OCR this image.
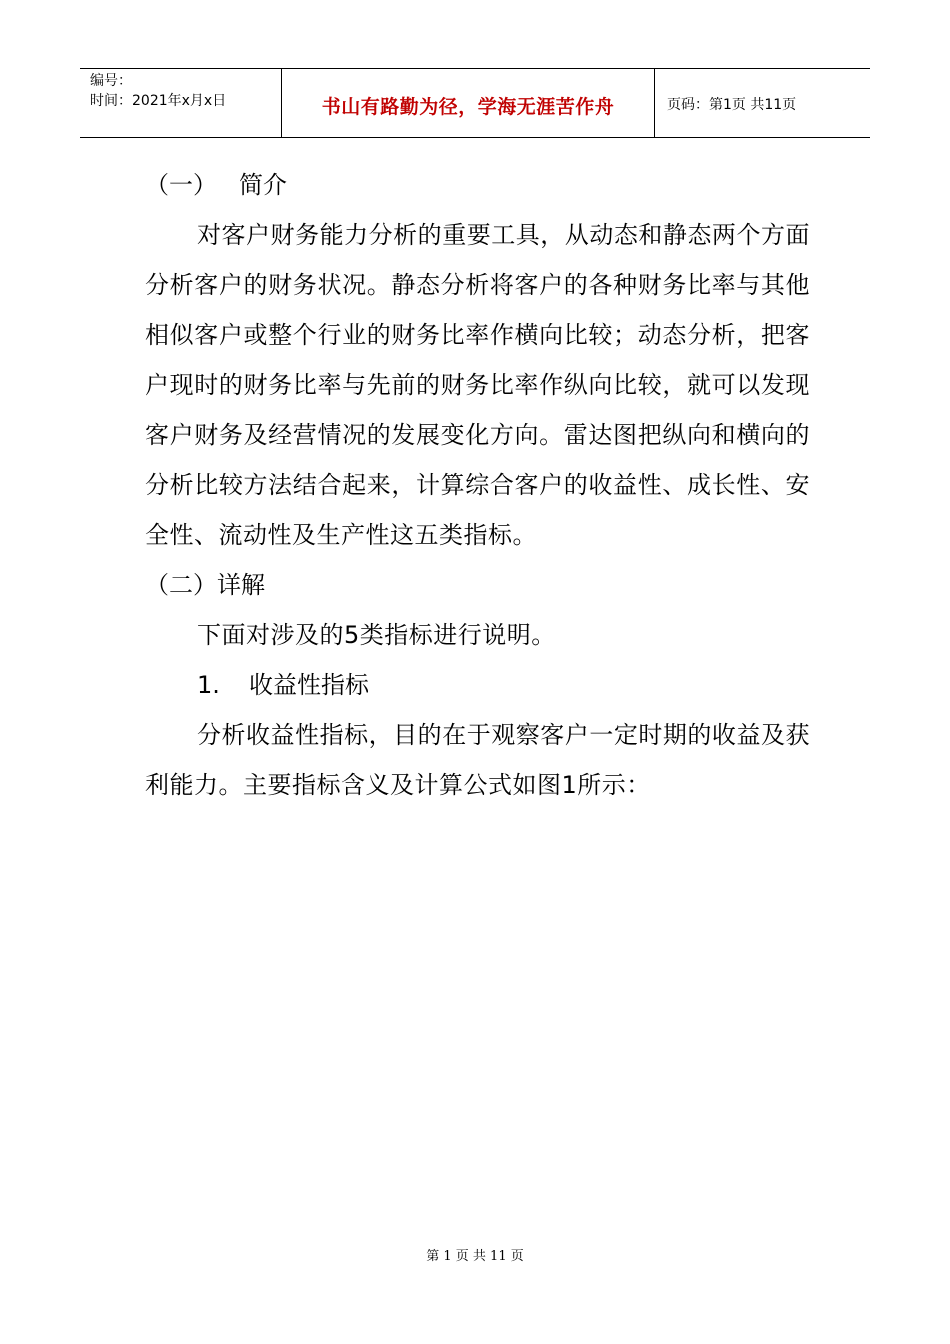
编号：
时间：2021年x月x日	书山有路勤为径，学海无涯苦作舟	页码：第1页 共11页
（一） 简介

对客户财务能力分析的重要工具，从动态和静态两个方面分析客户的财务状况。静态分析将客户的各种财务比率与其他相似客户或整个行业的财务比率作横向比较；动态分析，把客户现时的财务比率与先前的财务比率作纵向比较，就可以发现客户财务及经营情况的发展变化方向。雷达图把纵向和横向的分析比较方法结合起来，计算综合客户的收益性、成长性、安全性、流动性及生产性这五类指标。

（二）详解

下面对涉及的5类指标进行说明。

1. 收益性指标

分析收益性指标，目的在于观察客户一定时期的收益及获利能力。主要指标含义及计算公式如图1所示：

第 1 页 共 11 页
